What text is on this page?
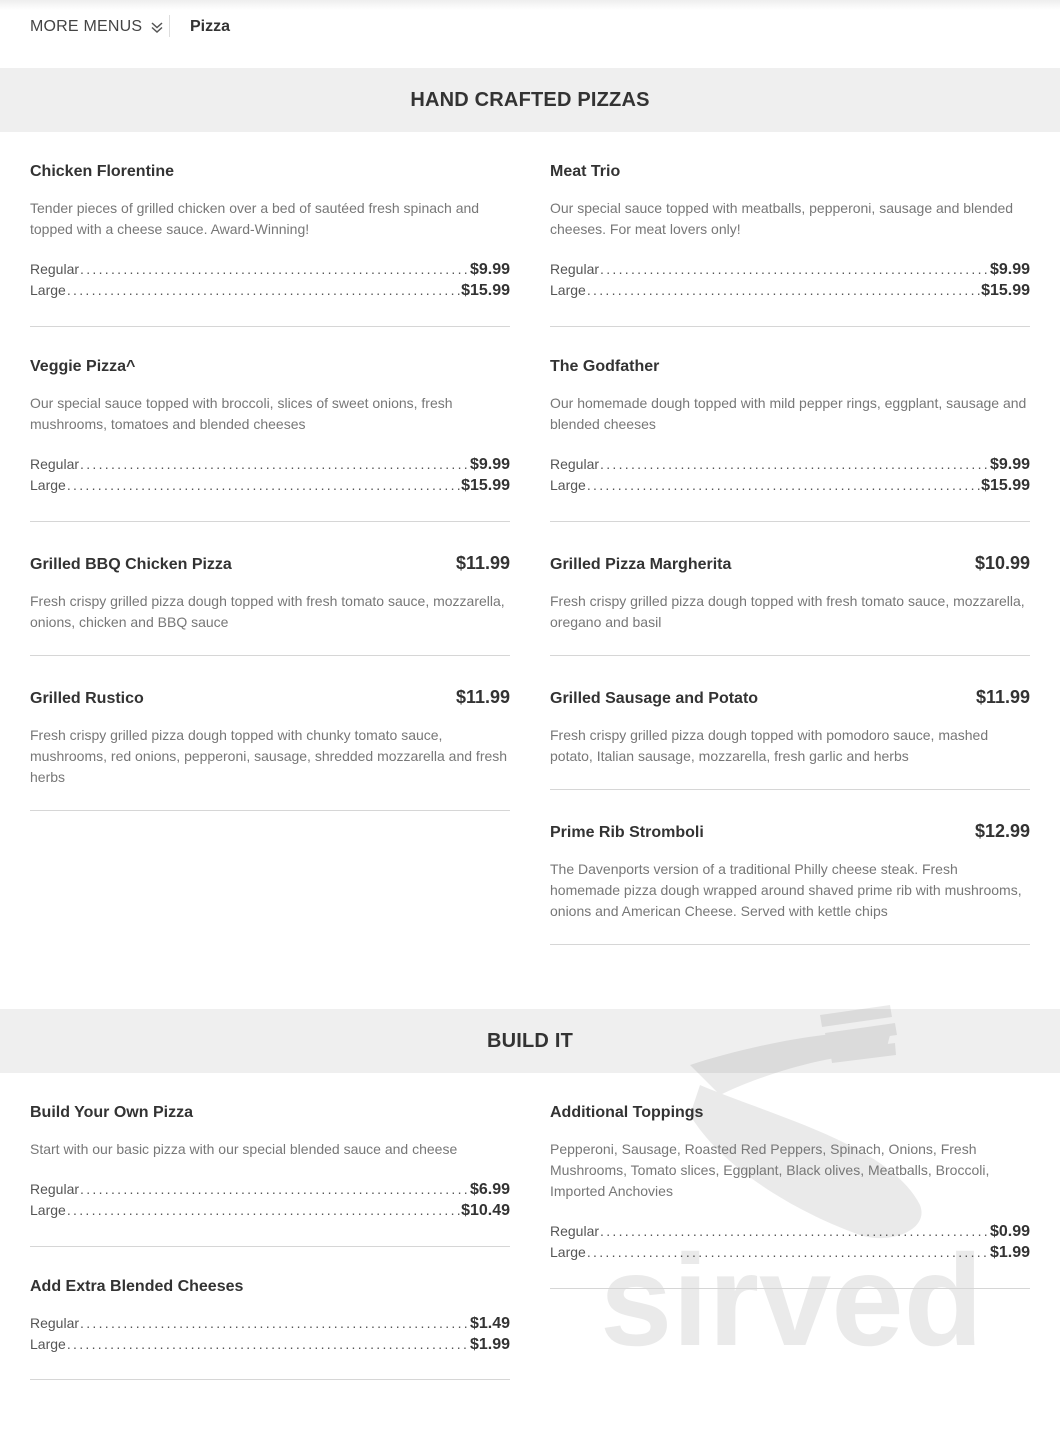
MORE MENUS	Pizza
HAND CRAFTED PIZZAS
Chicken Florentine
Tender pieces of grilled chicken over a bed of sautéed fresh spinach and topped with a cheese sauce. Award-Winning!
Regular .....	$9.99
Large .....	$15.99
Meat Trio
Our special sauce topped with meatballs, pepperoni, sausage and blended cheeses. For meat lovers only!
Regular .....	$9.99
Large .....	$15.99
Veggie Pizza^
Our special sauce topped with broccoli, slices of sweet onions, fresh mushrooms, tomatoes and blended cheeses
Regular .....	$9.99
Large .....	$15.99
The Godfather
Our homemade dough topped with mild pepper rings, eggplant, sausage and blended cheeses
Regular .....	$9.99
Large .....	$15.99
Grilled BBQ Chicken Pizza	$11.99
Fresh crispy grilled pizza dough topped with fresh tomato sauce, mozzarella, onions, chicken and BBQ sauce
Grilled Pizza Margherita	$10.99
Fresh crispy grilled pizza dough topped with fresh tomato sauce, mozzarella, oregano and basil
Grilled Rustico	$11.99
Fresh crispy grilled pizza dough topped with chunky tomato sauce, mushrooms, red onions, pepperoni, sausage, shredded mozzarella and fresh herbs
Grilled Sausage and Potato	$11.99
Fresh crispy grilled pizza dough topped with pomodoro sauce, mashed potato, Italian sausage, mozzarella, fresh garlic and herbs
Prime Rib Stromboli	$12.99
The Davenports version of a traditional Philly cheese steak. Fresh homemade pizza dough wrapped around shaved prime rib with mushrooms, onions and American Cheese. Served with kettle chips
BUILD IT
sirved
Build Your Own Pizza
Start with our basic pizza with our special blended sauce and cheese
Regular .....	$6.99
Large .....	$10.49
Additional Toppings
Pepperoni, Sausage, Roasted Red Peppers, Spinach, Onions, Fresh Mushrooms, Tomato slices, Eggplant, Black olives, Meatballs, Broccoli, Imported Anchovies
Regular .....	$0.99
Large .....	$1.99
Add Extra Blended Cheeses
Regular .....	$1.49
Large .....	$1.99
